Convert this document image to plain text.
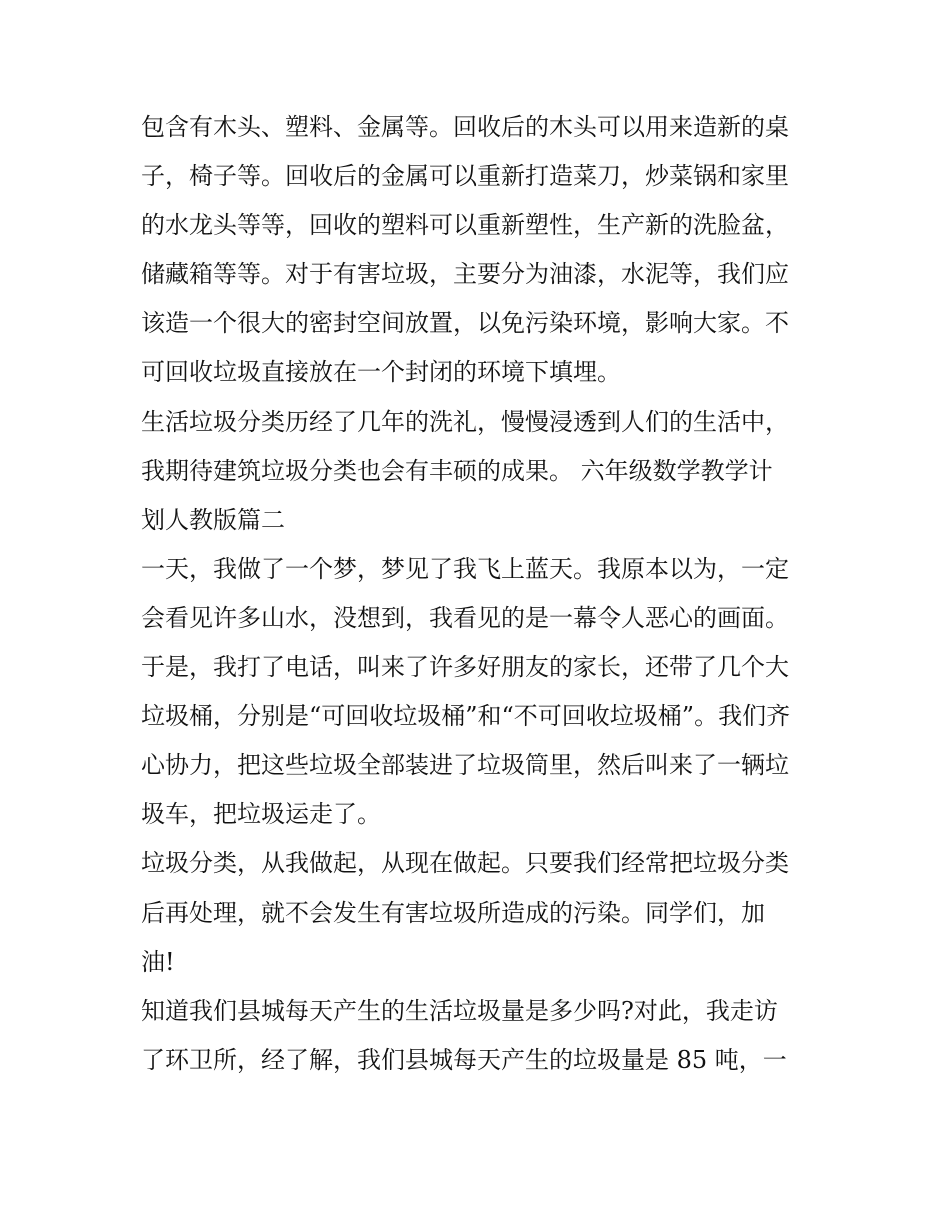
包含有木头、塑料、金属等。回收后的木头可以用来造新的桌
子，椅子等。回收后的金属可以重新打造菜刀，炒菜锅和家里
的水龙头等等，回收的塑料可以重新塑性，生产新的洗脸盆，
储藏箱等等。对于有害垃圾，主要分为油漆，水泥等，我们应
该造一个很大的密封空间放置，以免污染环境，影响大家。不
可回收垃圾直接放在一个封闭的环境下填埋。
生活垃圾分类历经了几年的洗礼，慢慢浸透到人们的生活中，
我期待建筑垃圾分类也会有丰硕的成果。 六年级数学教学计
划人教版篇二
一天，我做了一个梦，梦见了我飞上蓝天。我原本以为，一定
会看见许多山水，没想到，我看见的是一幕令人恶心的画面。
于是，我打了电话，叫来了许多好朋友的家长，还带了几个大
垃圾桶，分别是“可回收垃圾桶”和“不可回收垃圾桶”。我们齐
心协力，把这些垃圾全部装进了垃圾筒里，然后叫来了一辆垃
圾车，把垃圾运走了。
垃圾分类，从我做起，从现在做起。只要我们经常把垃圾分类
后再处理，就不会发生有害垃圾所造成的污染。同学们，加
油!
知道我们县城每天产生的生活垃圾量是多少吗?对此，我走访
了环卫所，经了解，我们县城每天产生的垃圾量是 85 吨，一
